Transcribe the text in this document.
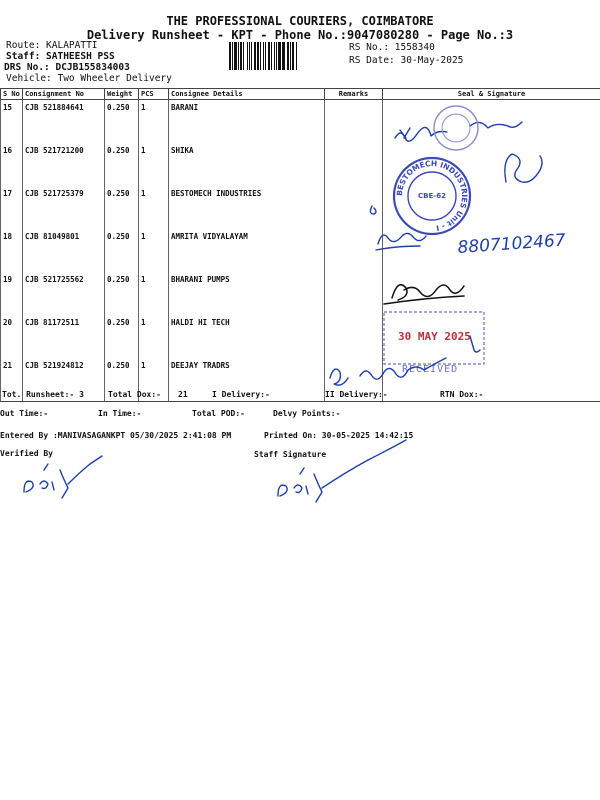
THE PROFESSIONAL COURIERS, COIMBATORE
Delivery Runsheet - KPT - Phone No.:9047080280 - Page No.:3
Route: KALAPATTI
Staff: SATHEESH PSS
DRS No.: DCJB155834003
Vehicle: Two Wheeler Delivery
RS No.: 1558340
RS Date: 30-May-2025
S No	Consignment No	Weight	PCS	Consignee Details	Remarks	Seal & Signature
15	CJB 521884641	0.250	1	BARANI		
16	CJB 521721200	0.250	1	SHIKA		
17	CJB 521725379	0.250	1	BESTOMECH INDUSTRIES		
18	CJB 81049801	0.250	1	AMRITA VIDYALAYAM		
19	CJB 521725562	0.250	1	BHARANI PUMPS		
20	CJB 81172511	0.250	1	HALDI HI TECH		
21	CJB 521924812	0.250	1	DEEJAY TRADRS		
Tot. Runsheet:- 3	Total Dox:- 21	I Delivery:-	II Delivery:-	RTN Dox:-
Out Time:-	In Time:-	Total POD:-	Delvy Points:-
Entered By :MANIVASAGANKPT 05/30/2025 2:41:08 PM	Printed On: 30-05-2025 14:42:15
Verified By	Staff Signature
8807102467
BESTOMECH INDUSTRIES Unit - I
CBE-62
30 MAY 2025
RECEIVED
